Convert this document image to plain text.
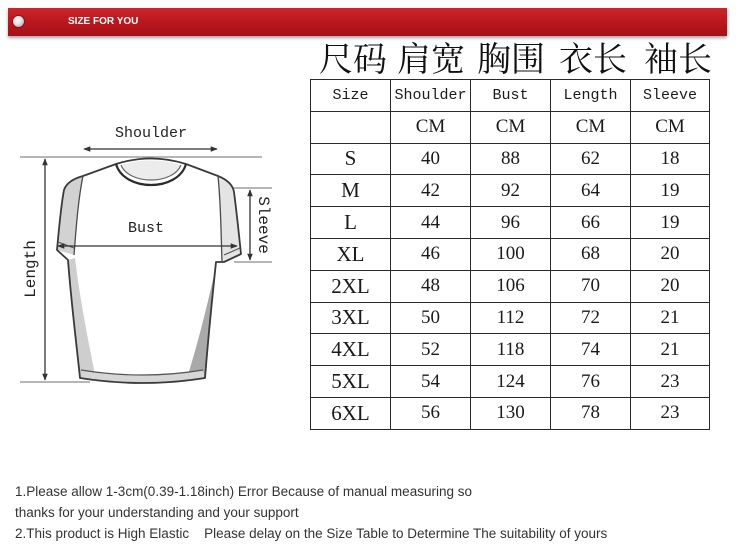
SIZE FOR YOU
尺码 肩宽 胸围 衣长 袖长
Shoulder
Bust
Length
Sleeve
Size	Shoulder	Bust	Length	Sleeve
	CM	CM	CM	CM
S	40	88	62	18
M	42	92	64	19
L	44	96	66	19
XL	46	100	68	20
2XL	48	106	70	20
3XL	50	112	72	21
4XL	52	118	74	21
5XL	54	124	76	23
6XL	56	130	78	23
1.Please allow 1-3cm(0.39-1.18inch) Error Because of manual measuring so
thanks for your understanding and your support
2.This product is High Elastic    Please delay on the Size Table to Determine The suitability of yours
